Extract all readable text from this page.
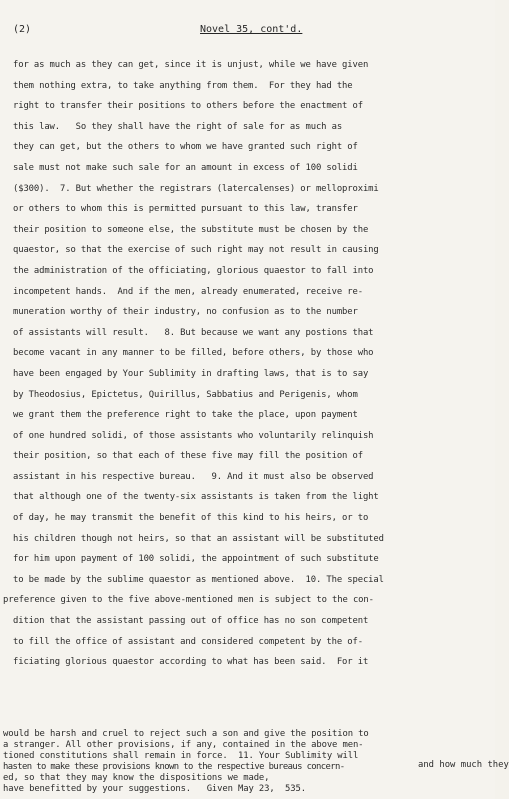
(2)	Novel 35, cont'd.
for as much as they can get, since it is unjust, while we have given
them nothing extra, to take anything from them.  For they had the
right to transfer their positions to others before the enactment of
this law.   So they shall have the right of sale for as much as
they can get, but the others to whom we have granted such right of
sale must not make such sale for an amount in excess of 100 solidi
($300).  7. But whether the registrars (latercalenses) or melloproximi
or others to whom this is permitted pursuant to this law, transfer
their position to someone else, the substitute must be chosen by the
quaestor, so that the exercise of such right may not result in causing
the administration of the officiating, glorious quaestor to fall into
incompetent hands.  And if the men, already enumerated, receive re-
muneration worthy of their industry, no confusion as to the number
of assistants will result.   8. But because we want any postions that
become vacant in any manner to be filled, before others, by those who
have been engaged by Your Sublimity in drafting laws, that is to say
by Theodosius, Epictetus, Quirillus, Sabbatius and Perigenis, whom
we grant them the preference right to take the place, upon payment
of one hundred solidi, of those assistants who voluntarily relinquish
their position, so that each of these five may fill the position of
assistant in his respective bureau.   9. And it must also be observed
that although one of the twenty-six assistants is taken from the light
of day, he may transmit the benefit of this kind to his heirs, or to
his children though not heirs, so that an assistant will be substituted
for him upon payment of 100 solidi, the appointment of such substitute
to be made by the sublime quaestor as mentioned above.  10. The special
preference given to the five above-mentioned men is subject to the con-
dition that the assistant passing out of office has no son competent
to fill the office of assistant and considered competent by the of-
ficiating glorious quaestor according to what has been said.  For it
would be harsh and cruel to reject such a son and give the position to
a stranger. All other provisions, if any, contained in the above men-
tioned constitutions shall remain in force.  11. Your Sublimity will
hasten to make these provisions known to the respective bureaus concern-
ed, so that they may know the dispositions we made,
have benefitted by your suggestions.   Given May 23,  535.
and how much they
